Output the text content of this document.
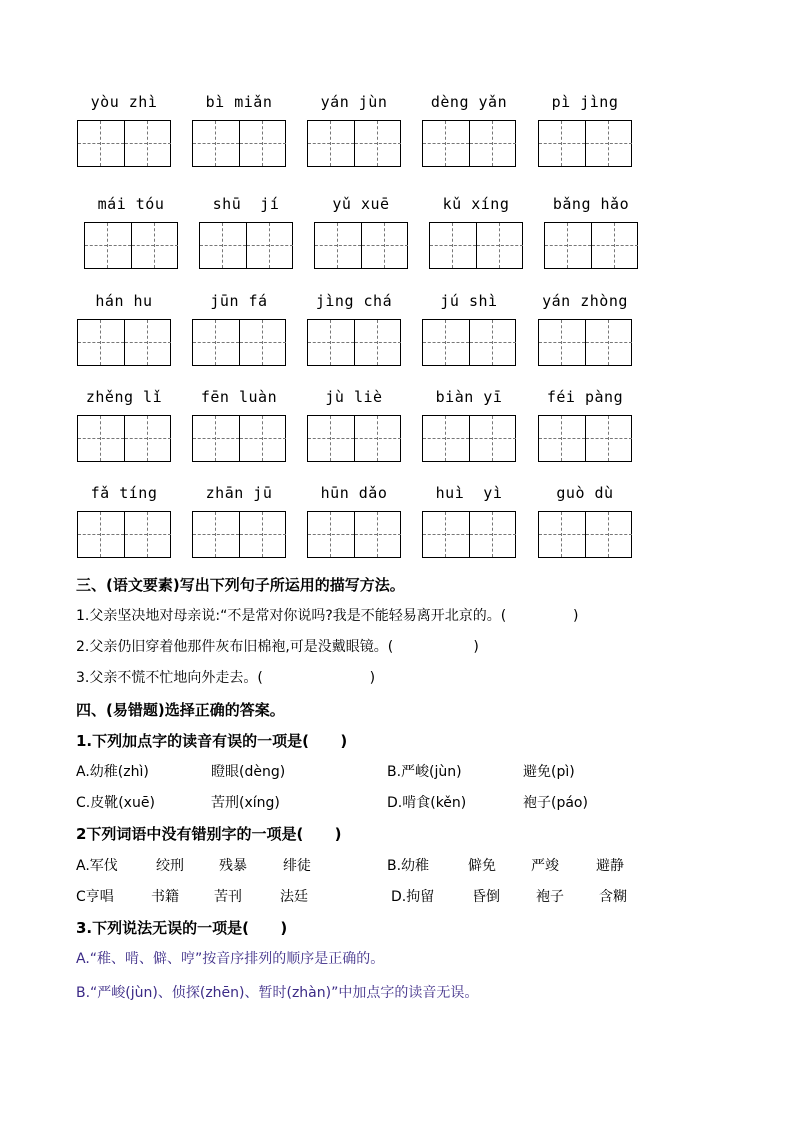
yòu zhì	bì miǎn	yán jùn	dèng yǎn	pì jìng
mái tóu	shū  jí	yǔ xuē	kǔ xíng	bǎng hǎo
hán hu	jūn fá	jìng chá	jú shì	yán zhòng
zhěng lǐ	fēn luàn	jù liè	biàn yī	féi pàng
fǎ tíng	zhān jū	hūn dǎo	huì  yì	guò dù
三、(语文要素)写出下列句子所运用的描写方法。
1.父亲坚决地对母亲说:“不是常对你说吗?我是不能轻易离开北京的。(               )
2.父亲仍旧穿着他那件灰布旧棉袍,可是没戴眼镜。(                  )
3.父亲不慌不忙地向外走去。(                        )
四、(易错题)选择正确的答案。
1.下列加点字的读音有误的一项是(      )
A.幼稚(zhì)	瞪眼(dèng)	B.严峻(jùn)	避免(pì)
C.皮靴(xuē)	苦刑(xíng)	D.啃食(kěn)	袍子(páo)
2下列词语中没有错别字的一项是(      )
A.军伐	绞刑	残暴	绯徒	B.幼稚	僻免	严竣	避静
C亨唱	书籍	苦刊	法廷	D.拘留	昏倒	袍子	含糊
3.下列说法无误的一项是(      )
A.“稚、啃、僻、哼”按音序排列的顺序是正确的。
B.“严峻(jùn)、侦探(zhēn)、暂时(zhàn)”中加点字的读音无误。
